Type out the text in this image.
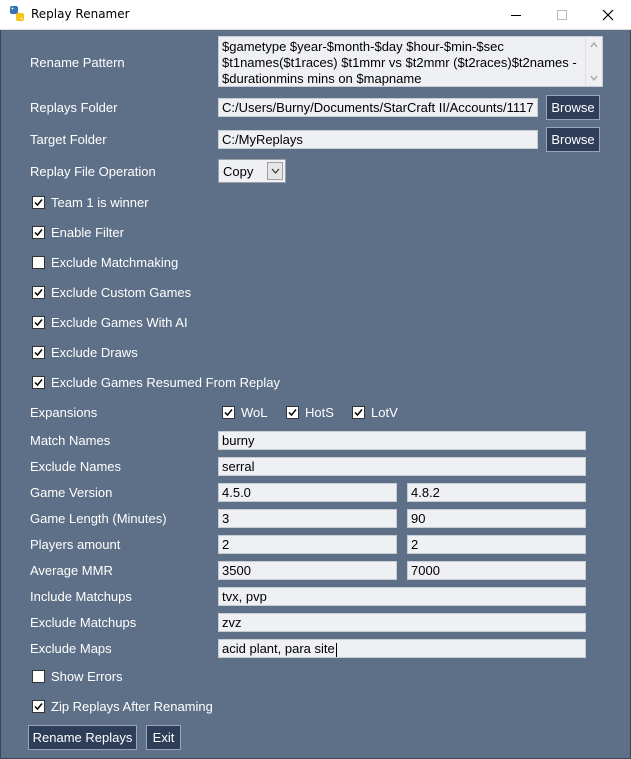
Replay Renamer
Rename Pattern
$gametype $year-$month-$day $hour-$min-$sec
$t1names($t1races) $t1mmr vs $t2mmr ($t2races)$t2names -
$durationmins mins on $mapname
Replays Folder	C:/Users/Burny/Documents/StarCraft II/Accounts/1117	Browse
Target Folder	C:/MyReplays	Browse
Replay File Operation	Copy
Team 1 is winner
Enable Filter
Exclude Matchmaking
Exclude Custom Games
Exclude Games With AI
Exclude Draws
Exclude Games Resumed From Replay
Expansions	WoL	HotS	LotV
Match Names	burny
Exclude Names	serral
Game Version	4.5.0	4.8.2
Game Length (Minutes)	3	90
Players amount	2	2
Average MMR	3500	7000
Include Matchups	tvx, pvp
Exclude Matchups	zvz
Exclude Maps	acid plant, para site
Show Errors
Zip Replays After Renaming
Rename Replays	Exit
